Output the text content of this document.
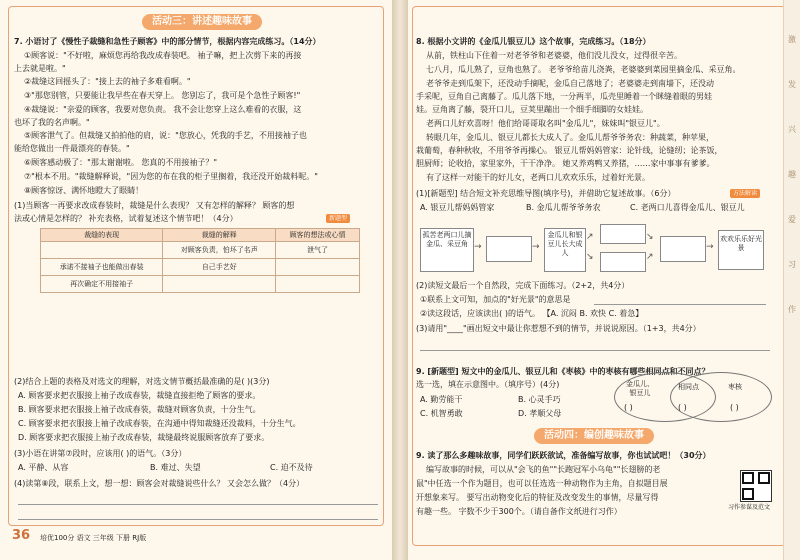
活动三：讲述趣味故事
7. 小语讨了《慢性子裁缝和急性子顾客》中的部分情节，根据内容完成练习。（14分）
①顾客说："不好啦，麻烦您再给我改成春装吧。 袖子嘛，把上次剪下来的再接
上去就是啦。"
②裁缝这回摇头了："接上去的袖子多难看啊。"
③"那您别管，只要能让我早些在春天穿上。 您别忘了，我可是个急性子顾客!"
④裁缝说："亲爱的顾客，我要对您负责。 我不会让您穿上这么难看的衣服，这
也坏了我的名声啊。"
⑤顾客泄气了。但裁缝又拍拍他的肩，说："您放心，凭我的手艺，不用接袖子也
能给您做出一件最漂亮的春装。"
⑥顾客感动极了："那太谢谢啦。 您真的不用接袖子？"
⑦"根本不用。"裁缝解释说，"因为您的布在我的柜子里搁着，我还没开始裁料呢。"
⑧顾客惊讶、满怀地瞪大了眼睛！
(1)当顾客一再要求改成春装时，裁缝是什么表现？ 又有怎样的解释？ 顾客的想
法或心情是怎样的？ 补充表格，试着复述这个情节吧！（4分）	新题型
裁缝的表现	裁缝的解释	顾客的想法或心情
	对顾客负责，怕坏了名声	泄气了
承诺不接袖子也能做出春装	自己手艺好	
再次确定不用接袖子		
(2)结合上题的表格及对选文的理解，对选文情节概括最准确的是( )(3分)
A. 顾客要求把衣服接上袖子改成春装，裁缝直接拒绝了顾客的要求。
B. 顾客要求把衣服接上袖子改成春装，裁缝对顾客负责，十分生气。
C. 顾客要求把衣服接上袖子改成春装，在沟通中得知裁缝还没裁料，十分生气。
D. 顾客要求把衣服接上袖子改成春装，裁缝最终说服顾客放弃了要求。
(3)小语在讲第⑦段时，应该用( )的语气。（3分）
A. 平静、从容	B. 难过、失望	C. 迫不及待
(4)读第⑧段，联系上文，想一想：顾客会对裁缝说些什么？ 又会怎么做？（4分）
36 培优100分 语文 三年级 下册 RJ版
8. 根据小文讲的《金瓜儿银豆儿》这个故事，完成练习。（18分）
从前，铁柱山下住着一对老爷爷和老婆婆，他们没儿没女，过得很辛苦。
七八月，瓜儿熟了，豆角也熟了。 老爷爷给苗儿浇粪，老婆婆到菜园里摘金瓜、采豆角。
老爷爷走到瓜架下，还没动手摘呢，金瓜自己落地了；老婆婆走到南墙下，还没动
手采呢，豆角自己离藤了。瓜儿落下地，一分两半，瓜壳里睡着一个眯缝着眼的男娃
娃。豆角离了藤，裂开口儿，豆荚里蹦出一个细手细脚的女娃娃。
老两口儿好欢喜呀！他们给哥哥取名叫"金瓜儿"，妹妹叫"银豆儿"。
转眼几年，金瓜儿、银豆儿都长大成人了。金瓜儿帮爷爷务农：种蔬菜，种苹果，
栽葡萄，春种秋收，不用爷爷再操心。 银豆儿帮妈妈管家：论针线，论缝纫；论茶饭，
胆厨师；论收拾，家里家外，干干净净。 她又养鸡鸭又养猪，……家中事事有爹爹。
有了这样一对能干的好儿女，老两口儿欢欢乐乐，过着好光景。
(1)[新题型] 结合短文补充思维导图(填序号)，并借助它复述故事。（6分）	方法解读
A. 银豆儿帮妈妈管家	B. 金瓜儿帮爷爷务农	C. 老两口儿喜得金瓜儿、银豆儿
孤苦老两口儿摘金瓜、采豆角 →	→
金瓜儿和银豆儿长大成人
↗
↘
↘
↗
→
欢欢乐乐好光景
(2)读短文最后一个自然段，完成下面练习。（2+2，共4分）
①联系上文可知，加点的"好光景"的意思是
②读这段话，应该读出( )的语气。 【A. 沉闷 B. 欢快 C. 着急】
(3)请用"____"画出短文中最让你惹想不到的情节，并说说原因。（1+3，共4分）
9. [新题型] 短文中的金瓜儿、银豆儿和《枣核》中的枣核有哪些相同点和不同点？
选一选，填在示意图中。（填序号）(4分)
A. 勤劳能干	B. 心灵手巧
C. 机智勇敢	D. 孝顺父母
金瓜儿、银豆儿
相同点	枣核
( )	( )	( )
活动四：编创趣味故事
9. 读了那么多趣味故事，同学们跃跃欲试，准备编写故事，你也试试吧！（30分）
编写故事的时候，可以从"会飞的鱼""长跑冠军小乌龟""长翅膀的老
鼠"中任选一个作为题目，也可以任选选一种动物作为主角，自拟题目展
开想象来写。 要写出动物变化后的特征及改变发生的事情，尽量写得
有趣一些。 字数不少于300个。（请自备作文纸进行习作）
激
发
兴
趣
爱
习
作
习作参谋及范文
